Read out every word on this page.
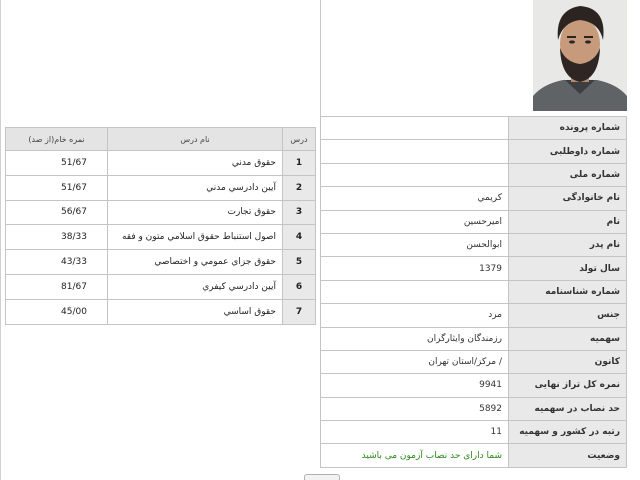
	شماره پرونده
	شماره داوطلبی
	شماره ملی
کريمي	نام خانوادگی
اميرحسين	نام
ابوالحسن	نام پدر
1379	سال تولد
	شماره شناسنامه
مرد	جنس
رزمندگان وايثارگران	سهمیه
/ مرکز/استان تهران	کانون
9941	نمره کل تراز نهایی
5892	حد نصاب در سهمیه
11	رتبه در کشور و سهمیه
شما دارای حد نصاب آزمون می باشید	وضعیت
نمره خام(از صد)	نام درس	درس
51/67	حقوق مدني	1
51/67	آيين دادرسي مدني	2
56/67	حقوق تجارت	3
38/33	اصول استنباط حقوق اسلامي متون و فقه	4
43/33	حقوق جزاي عمومي و اختصاصي	5
81/67	آيين دادرسي كيفري	6
45/00	حقوق اساسي	7
